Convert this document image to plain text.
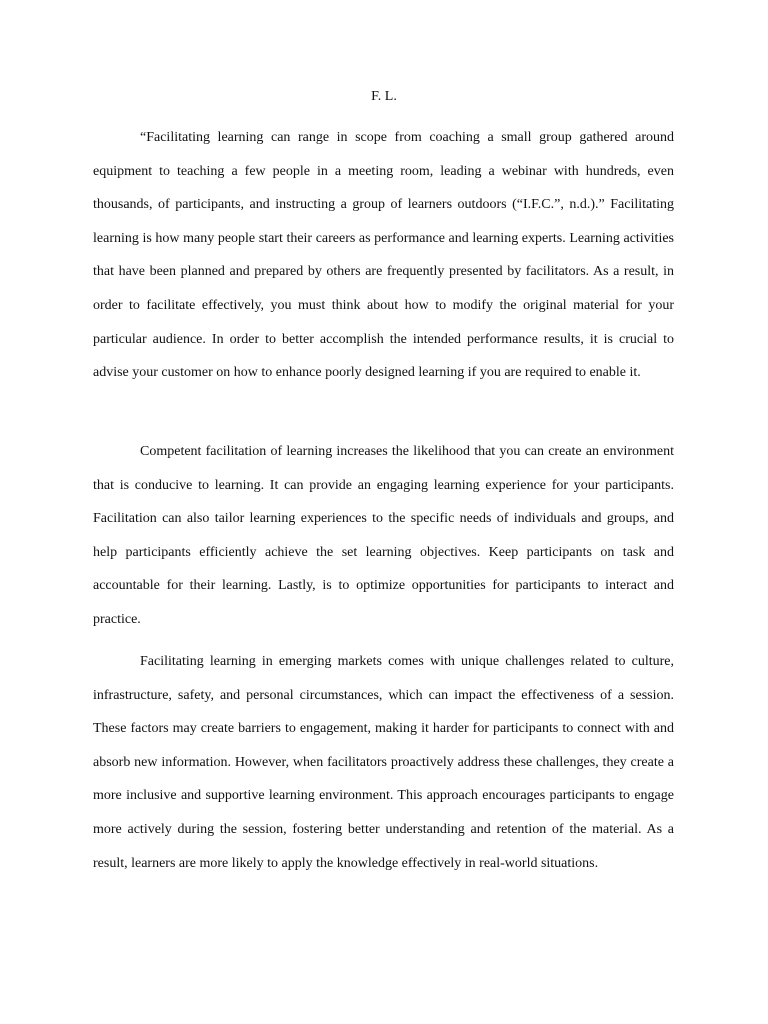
F. L.

“Facilitating learning can range in scope from coaching a small group gathered around equipment to teaching a few people in a meeting room, leading a webinar with hundreds, even thousands, of participants, and instructing a group of learners outdoors (“I.F.C.”, n.d.).” Facilitating learning is how many people start their careers as performance and learning experts. Learning activities that have been planned and prepared by others are frequently presented by facilitators. As a result, in order to facilitate effectively, you must think about how to modify the original material for your particular audience. In order to better accomplish the intended performance results, it is crucial to advise your customer on how to enhance poorly designed learning if you are required to enable it.

Competent facilitation of learning increases the likelihood that you can create an environment that is conducive to learning. It can provide an engaging learning experience for your participants. Facilitation can also tailor learning experiences to the specific needs of individuals and groups, and help participants efficiently achieve the set learning objectives. Keep participants on task and accountable for their learning. Lastly, is to optimize opportunities for participants to interact and practice.

Facilitating learning in emerging markets comes with unique challenges related to culture, infrastructure, safety, and personal circumstances, which can impact the effectiveness of a session. These factors may create barriers to engagement, making it harder for participants to connect with and absorb new information. However, when facilitators proactively address these challenges, they create a more inclusive and supportive learning environment. This approach encourages participants to engage more actively during the session, fostering better understanding and retention of the material. As a result, learners are more likely to apply the knowledge effectively in real-world situations.
